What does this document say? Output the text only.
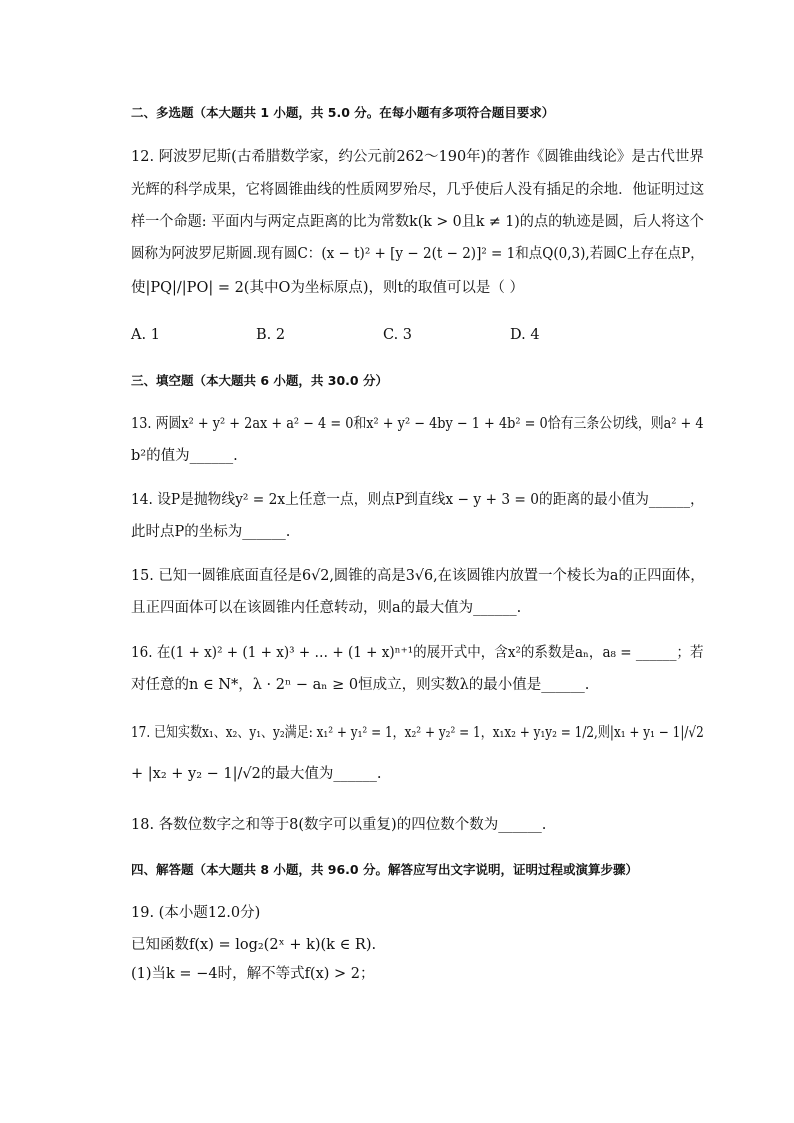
二、多选题（本大题共 1 小题，共 5.0 分。在每小题有多项符合题目要求）
12. 阿波罗尼斯(古希腊数学家，约公元前262～190年)的著作《圆锥曲线论》是古代世界
光辉的科学成果，它将圆锥曲线的性质网罗殆尽，几乎使后人没有插足的余地．他证明过这
样一个命题: 平面内与两定点距离的比为常数k(k > 0且k ≠ 1)的点的轨迹是圆，后人将这个
圆称为阿波罗尼斯圆.现有圆C：(x − t)² + [y − 2(t − 2)]² = 1和点Q(0,3),若圆C上存在点P，
使|PQ|/|PO| = 2(其中O为坐标原点)，则t的取值可以是（ ）
A. 1	B. 2	C. 3	D. 4
三、填空题（本大题共 6 小题，共 30.0 分）
13. 两圆x² + y² + 2ax + a² − 4 = 0和x² + y² − 4by − 1 + 4b² = 0恰有三条公切线，则a² + 4
b²的值为______.
14. 设P是抛物线y² = 2x上任意一点，则点P到直线x − y + 3 = 0的距离的最小值为______，
此时点P的坐标为______.
15. 已知一圆锥底面直径是6√2,圆锥的高是3√6,在该圆锥内放置一个棱长为a的正四面体，
且正四面体可以在该圆锥内任意转动，则a的最大值为______.
16. 在(1 + x)² + (1 + x)³ + … + (1 + x)ⁿ⁺¹的展开式中，含x²的系数是aₙ，a₈ = ______；若
对任意的n ∈ N*，λ · 2ⁿ − aₙ ≥ 0恒成立，则实数λ的最小值是______.
17. 已知实数x₁、x₂、y₁、y₂满足: x₁² + y₁² = 1，x₂² + y₂² = 1，x₁x₂ + y₁y₂ = 1/2,则|x₁ + y₁ − 1|/√2
+ |x₂ + y₂ − 1|/√2的最大值为______.
18. 各数位数字之和等于8(数字可以重复)的四位数个数为______.
四、解答题（本大题共 8 小题，共 96.0 分。解答应写出文字说明，证明过程或演算步骤）
19. (本小题12.0分)
已知函数f(x) = log₂(2ˣ + k)(k ∈ R).
(1)当k = −4时，解不等式f(x) > 2；
